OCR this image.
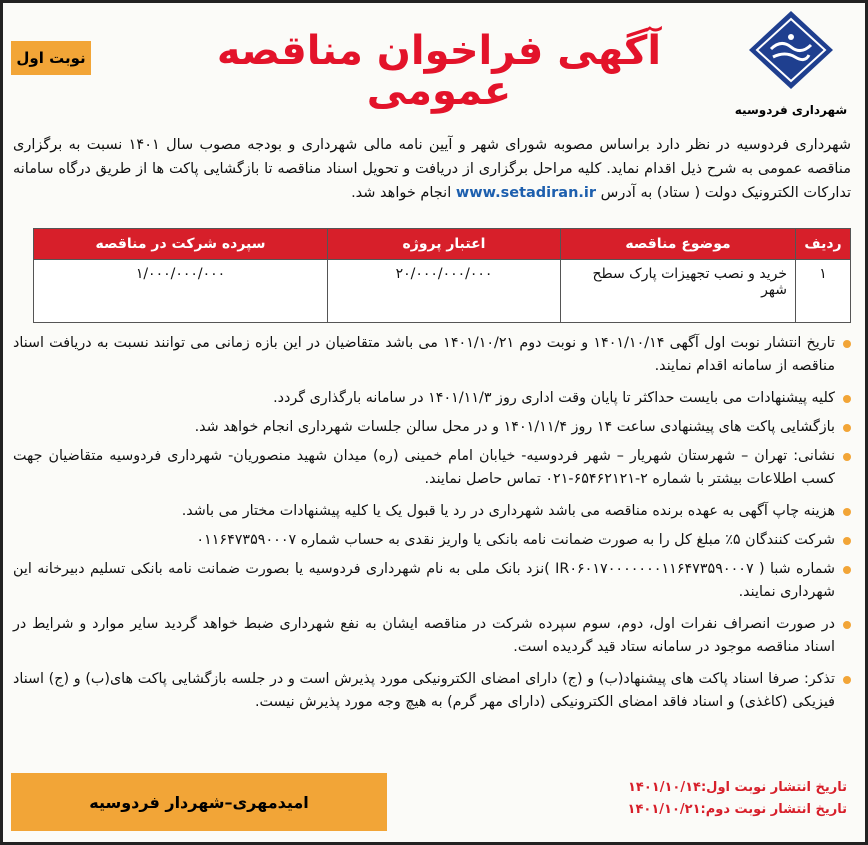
شهرداری فردوسیه
آگهی فراخوان مناقصه عمومی
نوبت اول
شهرداری فردوسیه در نظر دارد براساس مصوبه شورای شهر و آیین نامه مالی شهرداری و بودجه مصوب سال ۱۴۰۱ نسبت به برگزاری مناقصه عمومی به شرح ذیل اقدام نماید. کلیه مراحل برگزاری از دریافت و تحویل اسناد مناقصه تا بازگشایی پاکت ها از طریق درگاه سامانه تدارکات الکترونیک دولت ( ستاد) به آدرس www.setadiran.ir انجام خواهد شد.
ردیف	موضوع مناقصه	اعتبار پروژه	سپرده شرکت در مناقصه
۱	خرید و نصب تجهیزات پارک سطح شهر	۲۰/۰۰۰/۰۰۰/۰۰۰	۱/۰۰۰/۰۰۰/۰۰۰
تاریخ انتشار نوبت اول آگهی ۱۴۰۱/۱۰/۱۴ و نوبت دوم ۱۴۰۱/۱۰/۲۱ می باشد متقاضیان در این بازه زمانی می توانند نسبت به دریافت اسناد مناقصه از سامانه اقدام نمایند.
کلیه پیشنهادات می بایست حداکثر تا پایان وقت اداری روز ۱۴۰۱/۱۱/۳ در سامانه بارگذاری گردد.
بازگشایی پاکت های پیشنهادی ساعت ۱۴ روز ۱۴۰۱/۱۱/۴ و در محل سالن جلسات شهرداری انجام خواهد شد.
نشانی: تهران – شهرستان شهریار – شهر فردوسیه- خیابان امام خمینی (ره) میدان شهید منصوریان- شهرداری فردوسیه متقاضیان جهت کسب اطلاعات بیشتر با شماره ۲-۶۵۴۶۲۱۲۱-۰۲۱ تماس حاصل نمایند.
هزینه چاپ آگهی به عهده برنده مناقصه می باشد شهرداری در رد یا قبول یک یا کلیه پیشنهادات مختار می باشد.
شرکت کنندگان ۵٪ مبلغ کل را به صورت ضمانت نامه بانکی یا واریز نقدی به حساب شماره ۰۱۱۶۴۷۳۵۹۰۰۰۷
شماره شبا ( IR۰۶۰۱۷۰۰۰۰۰۰۰۱۱۶۴۷۳۵۹۰۰۰۷ )نزد بانک ملی به نام شهرداری فردوسیه یا بصورت ضمانت نامه بانکی تسلیم دبیرخانه این شهرداری نمایند.
در صورت انصراف نفرات اول، دوم، سوم سپرده شرکت در مناقصه ایشان به نفع شهرداری ضبط خواهد گردید سایر موارد و شرایط در اسناد مناقصه موجود در سامانه ستاد قید گردیده است.
تذکر: صرفا اسناد پاکت های پیشنهاد(ب) و (ج) دارای امضای الکترونیکی مورد پذیرش است و در جلسه بازگشایی پاکت های(ب) و (ج) اسناد فیزیکی (کاغذی) و اسناد فاقد امضای الکترونیکی (دارای مهر گرم) به هیچ وجه مورد پذیرش نیست.
تاریخ انتشار نوبت اول:۱۴۰۱/۱۰/۱۴
تاریخ انتشار نوبت دوم:۱۴۰۱/۱۰/۲۱
امیدمهری–شهردار فردوسیه
